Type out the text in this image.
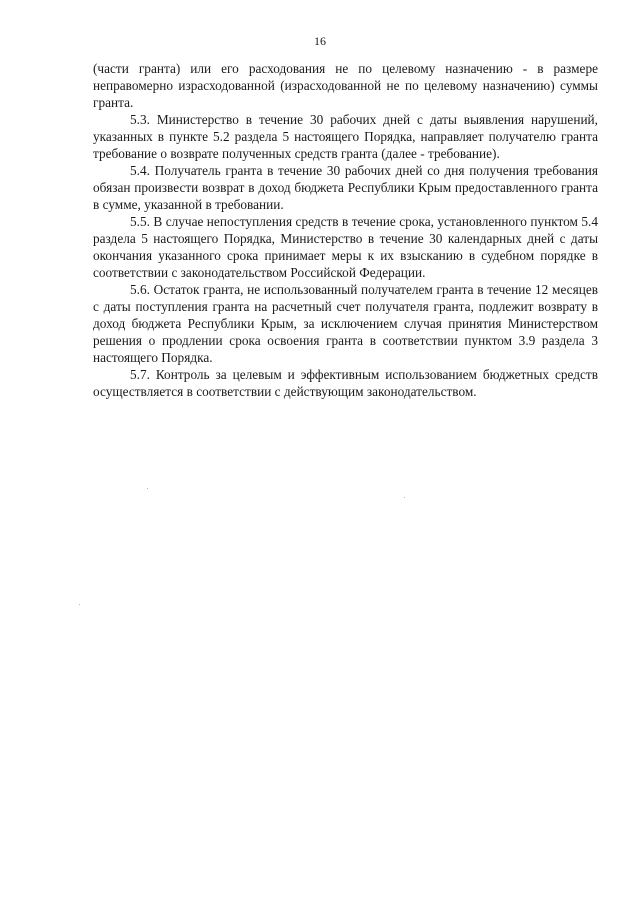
16

(части гранта) или его расходования не по целевому назначению - в размере неправомерно израсходованной (израсходованной не по целевому назначению) суммы гранта.

5.3. Министерство в течение 30 рабочих дней с даты выявления нарушений, указанных в пункте 5.2 раздела 5 настоящего Порядка, направляет получателю гранта требование о возврате полученных средств гранта (далее - требование).

5.4. Получатель гранта в течение 30 рабочих дней со дня получения требования обязан произвести возврат в доход бюджета Республики Крым предоставленного гранта в сумме, указанной в требовании.

5.5. В случае непоступления средств в течение срока, установленного пунктом 5.4 раздела 5 настоящего Порядка, Министерство в течение 30 календарных дней с даты окончания указанного срока принимает меры к их взысканию в судебном порядке в соответствии с законодательством Российской Федерации.

5.6. Остаток гранта, не использованный получателем гранта в течение 12 месяцев с даты поступления гранта на расчетный счет получателя гранта, подлежит возврату в доход бюджета Республики Крым, за исключением случая принятия Министерством решения о продлении срока освоения гранта в соответствии пунктом 3.9 раздела 3 настоящего Порядка.

5.7. Контроль за целевым и эффективным использованием бюджетных средств осуществляется в соответствии с действующим законодательством.
